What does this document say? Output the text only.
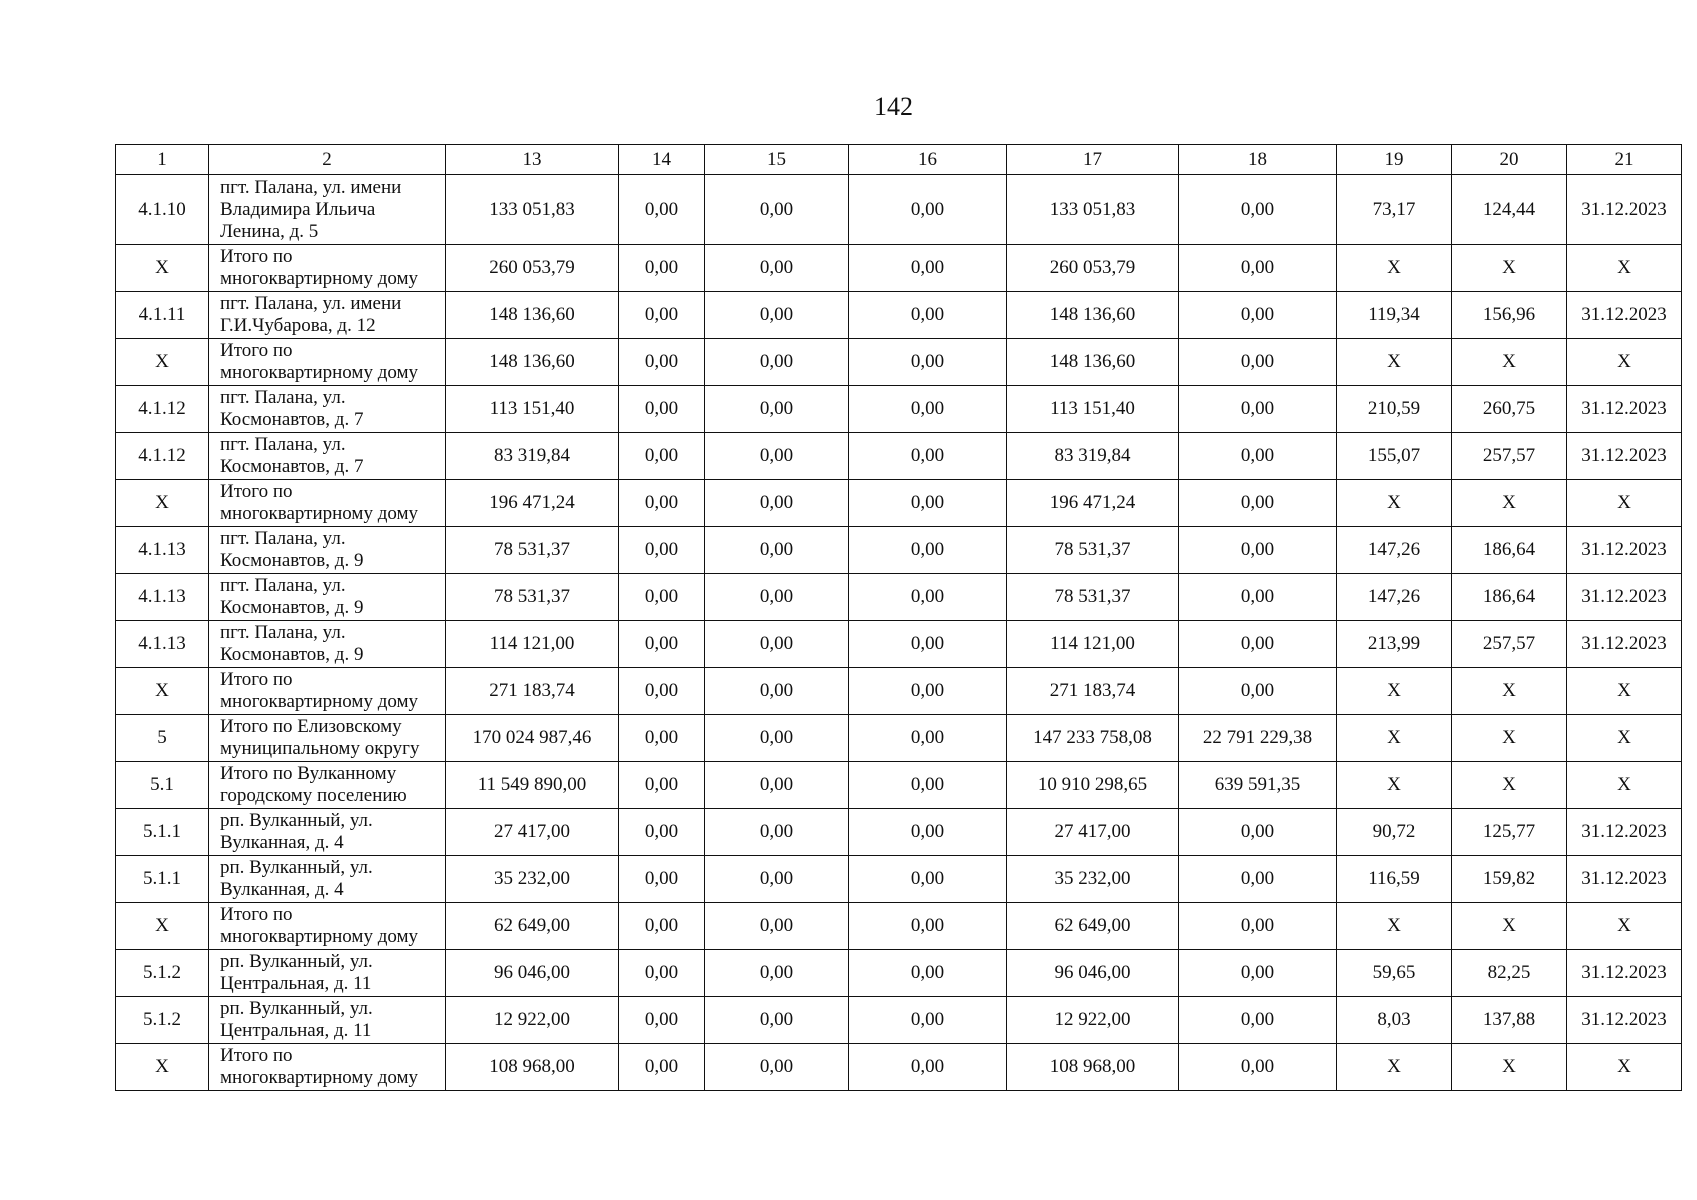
142
1	2	13	14	15	16	17	18	19	20	21
4.1.10	пгт. Палана, ул. имени Владимира Ильича Ленина, д. 5	133 051,83	0,00	0,00	0,00	133 051,83	0,00	73,17	124,44	31.12.2023
X	Итого по многоквартирному дому	260 053,79	0,00	0,00	0,00	260 053,79	0,00	X	X	X
4.1.11	пгт. Палана, ул. имени Г.И.Чубарова, д. 12	148 136,60	0,00	0,00	0,00	148 136,60	0,00	119,34	156,96	31.12.2023
X	Итого по многоквартирному дому	148 136,60	0,00	0,00	0,00	148 136,60	0,00	X	X	X
4.1.12	пгт. Палана, ул. Космонавтов, д. 7	113 151,40	0,00	0,00	0,00	113 151,40	0,00	210,59	260,75	31.12.2023
4.1.12	пгт. Палана, ул. Космонавтов, д. 7	83 319,84	0,00	0,00	0,00	83 319,84	0,00	155,07	257,57	31.12.2023
X	Итого по многоквартирному дому	196 471,24	0,00	0,00	0,00	196 471,24	0,00	X	X	X
4.1.13	пгт. Палана, ул. Космонавтов, д. 9	78 531,37	0,00	0,00	0,00	78 531,37	0,00	147,26	186,64	31.12.2023
4.1.13	пгт. Палана, ул. Космонавтов, д. 9	78 531,37	0,00	0,00	0,00	78 531,37	0,00	147,26	186,64	31.12.2023
4.1.13	пгт. Палана, ул. Космонавтов, д. 9	114 121,00	0,00	0,00	0,00	114 121,00	0,00	213,99	257,57	31.12.2023
X	Итого по многоквартирному дому	271 183,74	0,00	0,00	0,00	271 183,74	0,00	X	X	X
5	Итого по Елизовскому муниципальному округу	170 024 987,46	0,00	0,00	0,00	147 233 758,08	22 791 229,38	X	X	X
5.1	Итого по Вулканному городскому поселению	11 549 890,00	0,00	0,00	0,00	10 910 298,65	639 591,35	X	X	X
5.1.1	рп. Вулканный, ул. Вулканная, д. 4	27 417,00	0,00	0,00	0,00	27 417,00	0,00	90,72	125,77	31.12.2023
5.1.1	рп. Вулканный, ул. Вулканная, д. 4	35 232,00	0,00	0,00	0,00	35 232,00	0,00	116,59	159,82	31.12.2023
X	Итого по многоквартирному дому	62 649,00	0,00	0,00	0,00	62 649,00	0,00	X	X	X
5.1.2	рп. Вулканный, ул. Центральная, д. 11	96 046,00	0,00	0,00	0,00	96 046,00	0,00	59,65	82,25	31.12.2023
5.1.2	рп. Вулканный, ул. Центральная, д. 11	12 922,00	0,00	0,00	0,00	12 922,00	0,00	8,03	137,88	31.12.2023
X	Итого по многоквартирному дому	108 968,00	0,00	0,00	0,00	108 968,00	0,00	X	X	X
